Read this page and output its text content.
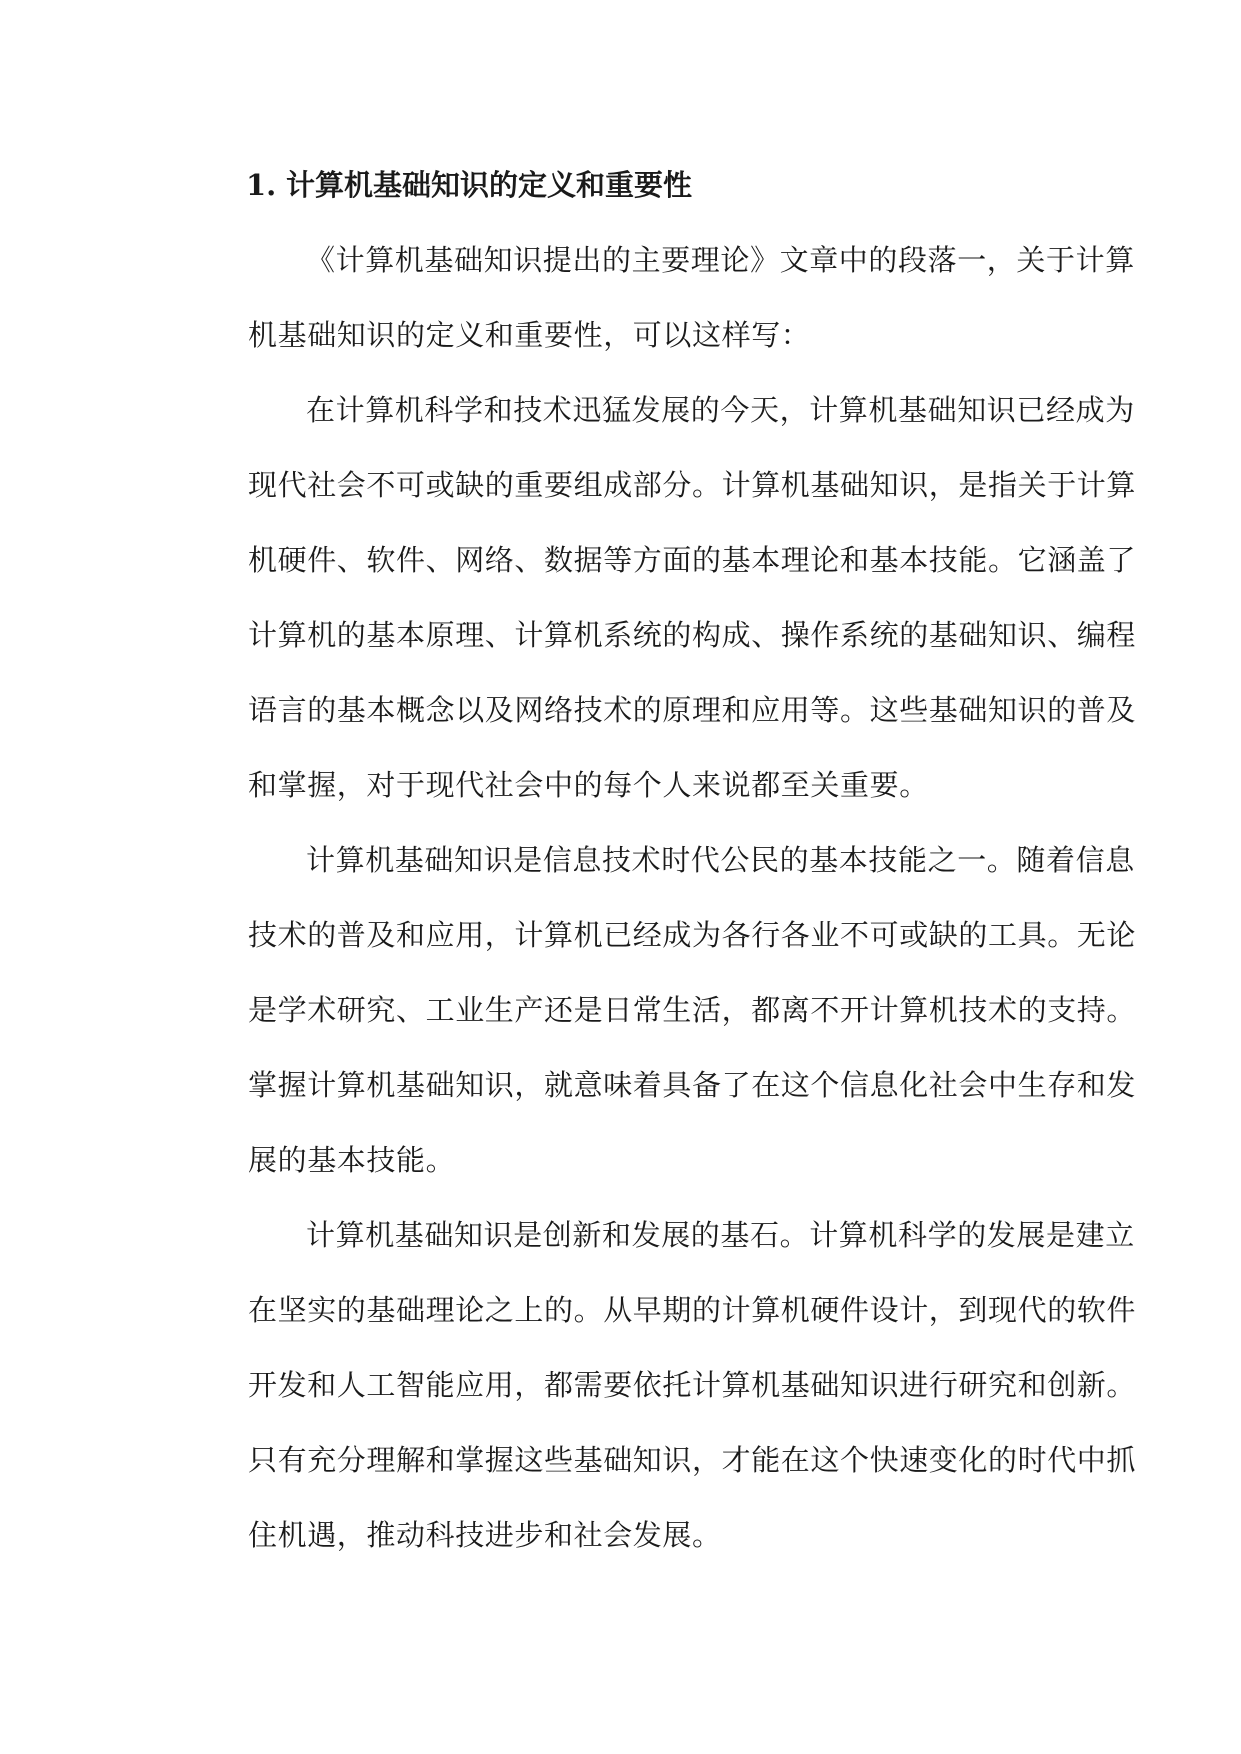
1. 计算机基础知识的定义和重要性

《计算机基础知识提出的主要理论》文章中的段落一，关于计算
机基础知识的定义和重要性，可以这样写：

在计算机科学和技术迅猛发展的今天，计算机基础知识已经成为
现代社会不可或缺的重要组成部分。计算机基础知识，是指关于计算
机硬件、软件、网络、数据等方面的基本理论和基本技能。它涵盖了
计算机的基本原理、计算机系统的构成、操作系统的基础知识、编程
语言的基本概念以及网络技术的原理和应用等。这些基础知识的普及
和掌握，对于现代社会中的每个人来说都至关重要。

计算机基础知识是信息技术时代公民的基本技能之一。随着信息
技术的普及和应用，计算机已经成为各行各业不可或缺的工具。无论
是学术研究、工业生产还是日常生活，都离不开计算机技术的支持。
掌握计算机基础知识，就意味着具备了在这个信息化社会中生存和发
展的基本技能。

计算机基础知识是创新和发展的基石。计算机科学的发展是建立
在坚实的基础理论之上的。从早期的计算机硬件设计，到现代的软件
开发和人工智能应用，都需要依托计算机基础知识进行研究和创新。
只有充分理解和掌握这些基础知识，才能在这个快速变化的时代中抓
住机遇，推动科技进步和社会发展。
